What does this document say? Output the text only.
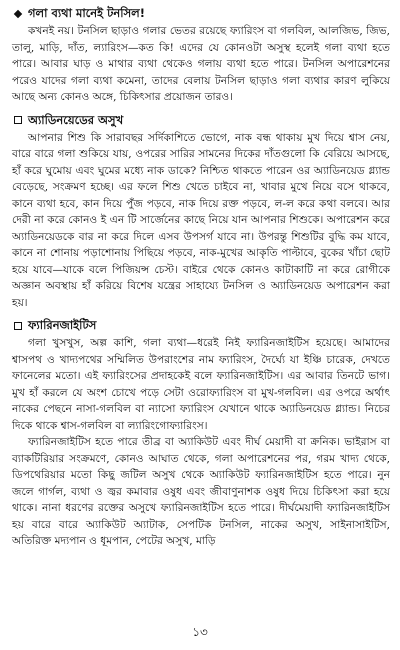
গলা ব্যথা মানেই টনসিল!

কখনই নয়। টনসিল ছাড়াও গলার ভেতর রয়েছে ফ্যারিংস বা গলবিল, আলজিভ, জিভ, তালু, মাড়ি, দাঁত, ল্যারিংস—কত কি! এদের যে কোনওটা অসুস্থ হলেই গলা ব্যথা হতে পারে। আবার ঘাড় ও মাথার ব্যথা থেকেও গলায় ব্যথা হতে পারে। টনসিল অপারেশনের পরেও যাদের গলা ব্যথা কমেনা, তাদের বেলায় টনসিল ছাড়াও গলা ব্যথার কারণ লুকিয়ে আছে অন্য কোনও অঙ্গে, চিকিৎসার প্রয়োজন তারও।

অ্যাডিনয়েডের অসুখ

আপনার শিশু কি সারাবছর সর্দিকাশিতে ভোগে, নাক বন্ধ থাকায় মুখ দিয়ে শ্বাস নেয়, বারে বারে গলা শুকিয়ে যায়, ওপরের সারির সামনের দিকের দাঁতগুলো কি বেরিয়ে আসছে, হাঁ করে ঘুমোয় এবং ঘুমের মধ্যে নাক ডাকে? নিশ্চিত থাকতে পারেন ওর অ্যাডিনয়েড গ্ল্যান্ড বেড়েছে, সংক্রমণ হচ্ছে। এর ফলে শিশু খেতে চাইবে না, খাবার মুখে নিয়ে বসে থাকবে, কানে ব্যথা হবে, কান দিয়ে পুঁজ পড়বে, নাক দিয়ে রক্ত পড়বে, ল-ল করে কথা বলবে। আর দেরী না করে কোনও ই এন টি সার্জেনের কাছে নিয়ে যান আপনার শিশুকে। অপারেশন করে অ্যাডিনয়েডকে বার না করে দিলে এসব উপসর্গ যাবে না। উপরন্তু শিশুটির বুদ্ধি কম যাবে, কানে না শোনায় পড়াশোনায় পিছিয়ে পড়বে, নাক-মুখের আকৃতি পাল্টাবে, বুকের খাঁচা ছোট হয়ে যাবে—যাকে বলে পিজিয়ন্স চেস্ট। বাইরে থেকে কোনও কাটাকাটি না করে রোগীকে অজ্ঞান অবস্থায় হাঁ করিয়ে বিশেষ যন্ত্রের সাহায্যে টনসিল ও অ্যাডিনয়েড অপারেশন করা হয়।

ফ্যারিনজাইটিস

গলা খুসখুস, অল্প কাশি, গলা ব্যথা—ধরেই নিই ফ্যারিনজাইটিস হয়েছে। আমাদের শ্বাসপথ ও খাদ্যপথের সম্মিলিত উপরাংশের নাম ফ্যারিংস, দৈর্ঘ্যে যা ইঞ্চি চারেক, দেখতে ফানেলের মতো। এই ফ্যারিংসের প্রদাহকেই বলে ফ্যারিনজাইটিস। এর আবার তিনটে ভাগ। মুখ হাঁ করলে যে অংশ চোখে পড়ে সেটা ওরোফ্যারিংস বা মুখ-গলবিল। এর ওপরে অর্থাৎ নাকের পেছনে নাসা-গলবিল বা ন্যাসো ফ্যারিংস যেখানে থাকে অ্যাডিনয়েড গ্ল্যান্ড। নিচের দিকে থাকে শ্বাস-গলবিল বা ল্যারিংগোফ্যারিংস।

ফ্যারিনজাইটিস হতে পারে তীব্র বা অ্যাকিউট এবং দীর্ঘ মেয়াদী বা ক্রনিক। ভাইরাস বা ব্যাকটিরিয়ার সংক্রমণে, কোনও আঘাত থেকে, গলা অপারেশনের পর, গরম খাদ্য থেকে, ডিপথেরিয়ার মতো কিছু জটিল অসুখ থেকে অ্যাকিউট ফ্যারিনজাইটিস হতে পারে। নুন জলে গার্গল, ব্যথা ও জ্বর কমাবার ওষুধ এবং জীবাণুনাশক ওষুধ দিয়ে চিকিৎসা করা হয়ে থাকে। নানা ধরণের রক্তের অসুখে ফ্যারিনজাইটিস হতে পারে। দীর্ঘমেয়াদী ফ্যারিনজাইটিস হয় বারে বারে অ্যাকিউট অ্যাটাক, সেপটিক টনসিল, নাকের অসুখ, সাইনাসাইটিস, অতিরিক্ত মদ্যপান ও ধূমপান, পেটের অসুখ, মাড়ি

১৩
